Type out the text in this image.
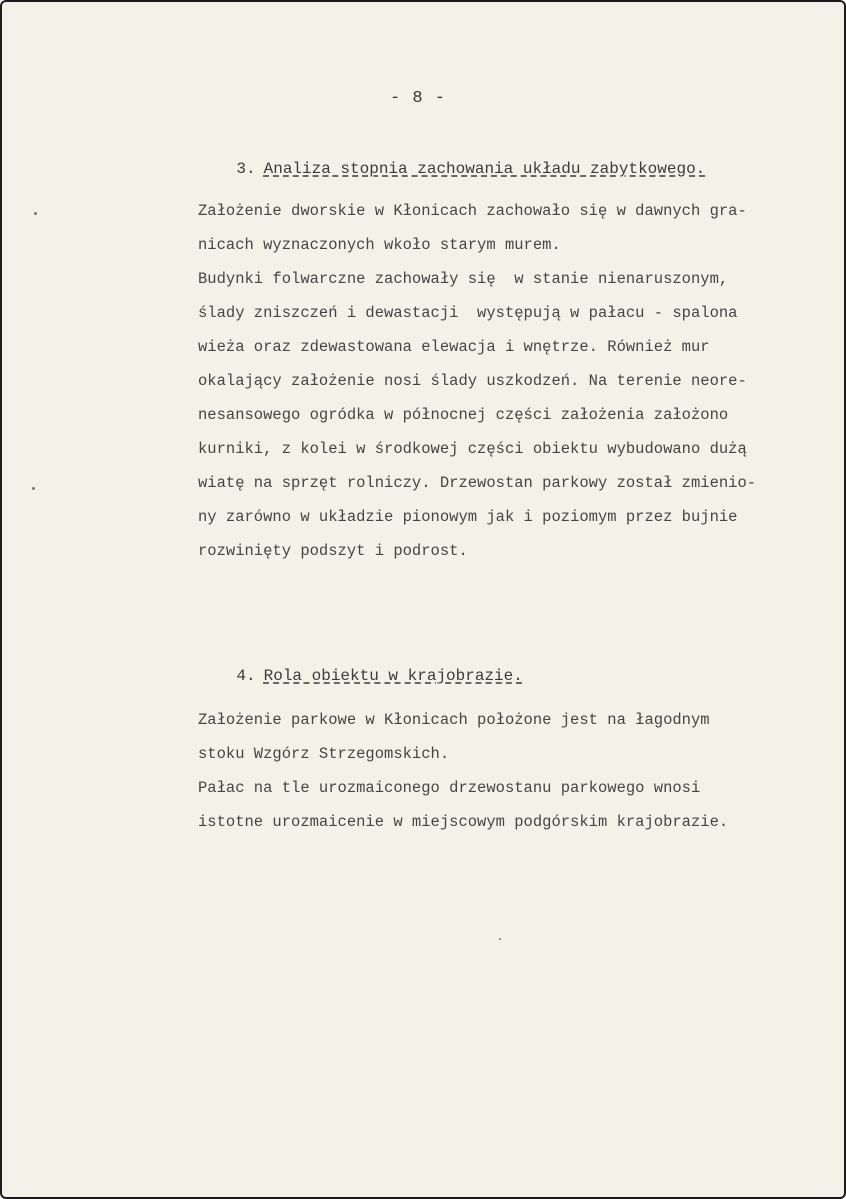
- 8 -

3. Analiza stopnia zachowania układu zabytkowego.

Założenie dworskie w Kłonicach zachowało się w dawnych gra-
nicach wyznaczonych wkoło starym murem.
Budynki folwarczne zachowały się  w stanie nienaruszonym,
ślady zniszczeń i dewastacji  występują w pałacu - spalona
wieża oraz zdewastowana elewacja i wnętrze. Również mur
okalający założenie nosi ślady uszkodzeń. Na terenie neore-
nesansowego ogródka w północnej części założenia założono
kurniki, z kolei w środkowej części obiektu wybudowano dużą
wiatę na sprzęt rolniczy. Drzewostan parkowy został zmienio-
ny zarówno w układzie pionowym jak i poziomym przez bujnie
rozwinięty podszyt i podrost.

4. Rola obiektu w krajobrazie.

Założenie parkowe w Kłonicach położone jest na łagodnym
stoku Wzgórz Strzegomskich.
Pałac na tle urozmaiconego drzewostanu parkowego wnosi
istotne urozmaicenie w miejscowym podgórskim krajobrazie.
